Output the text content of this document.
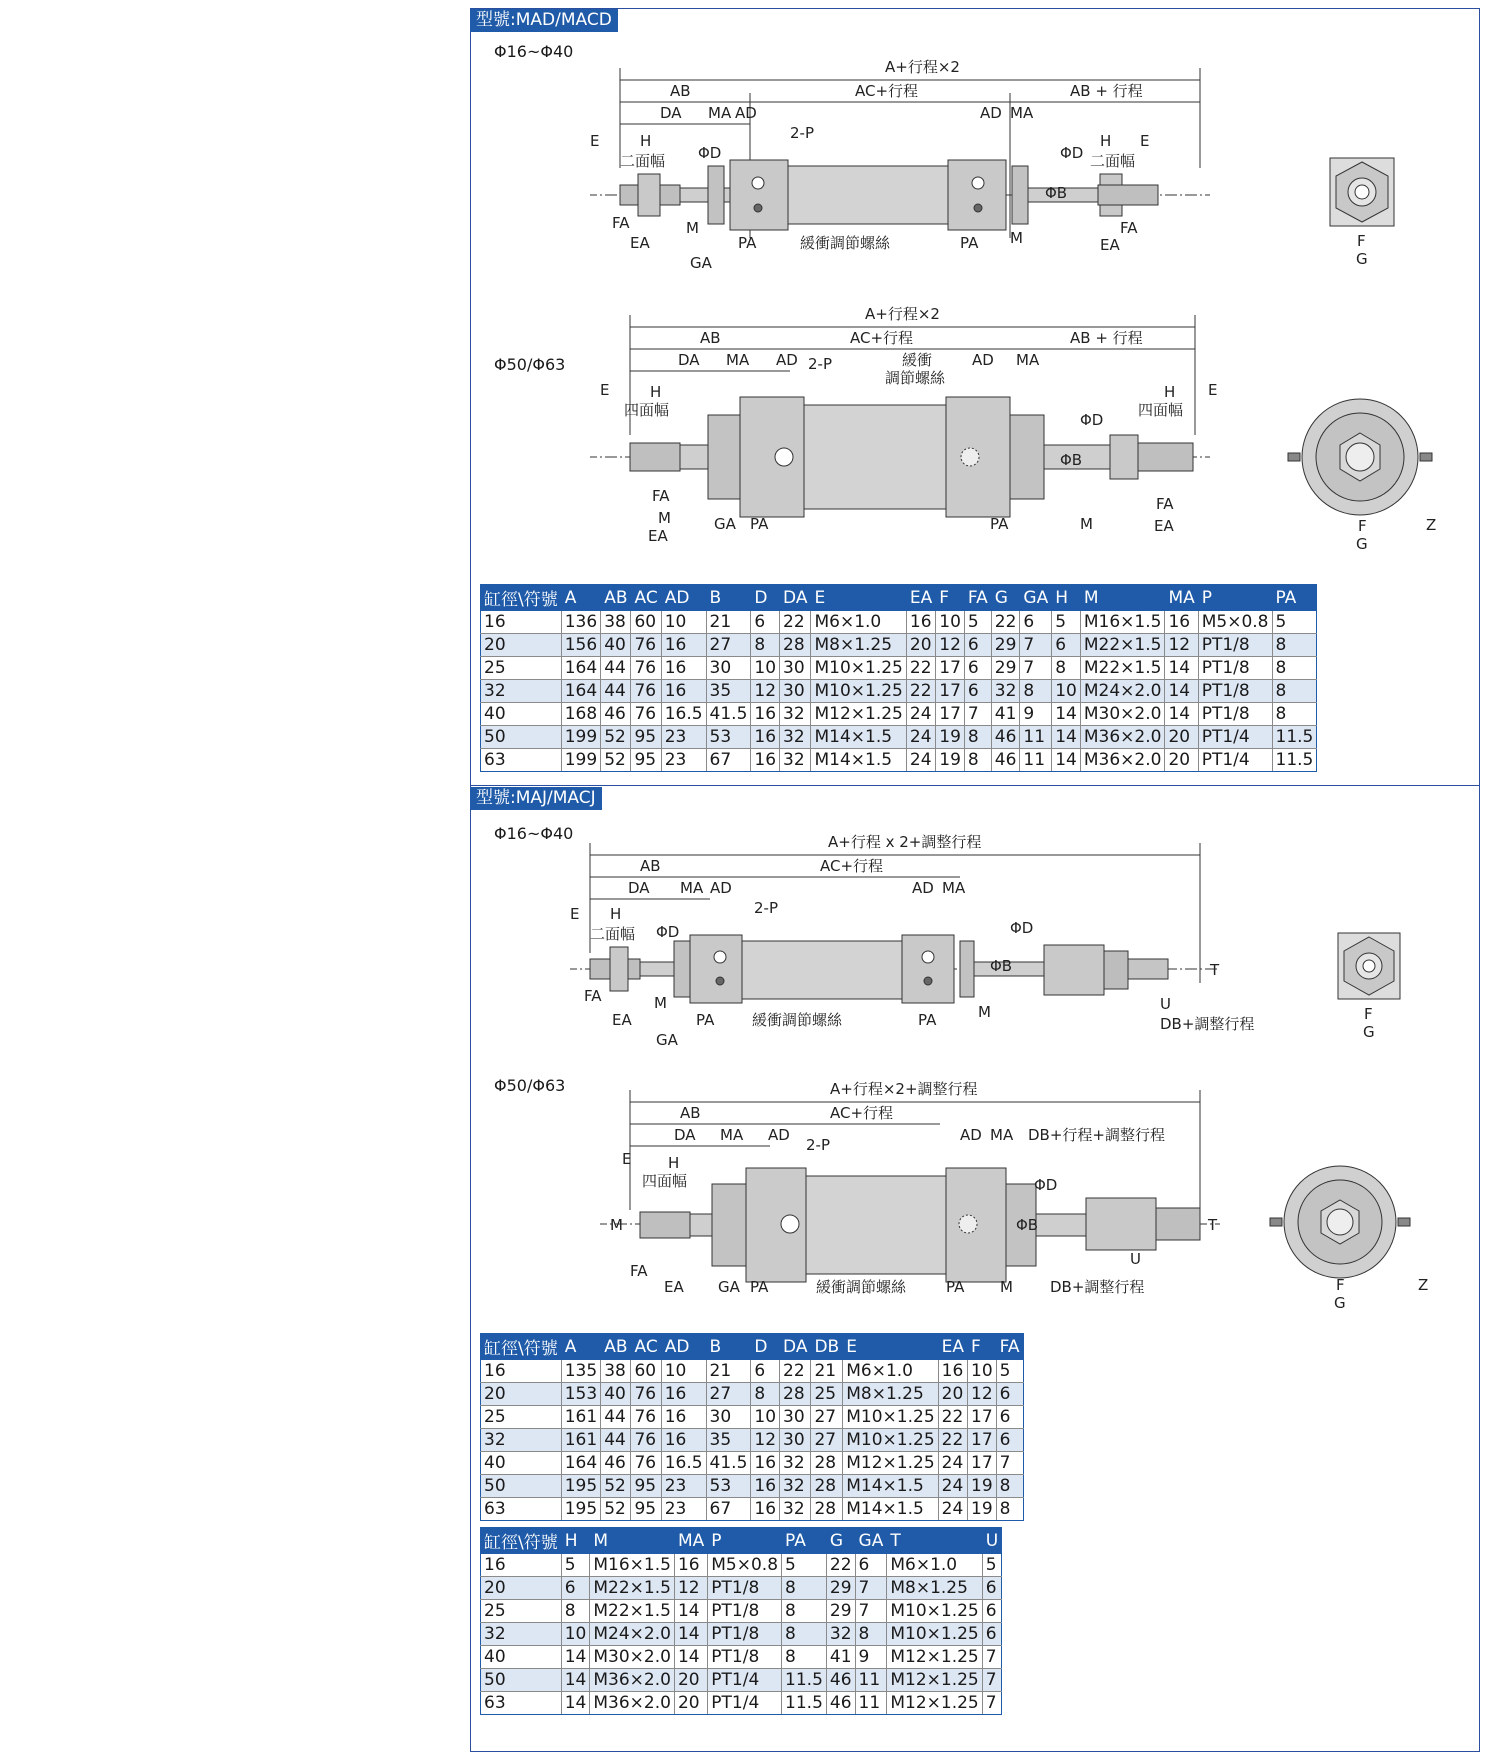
型號:MAD/MACD
Φ16~Φ40
Φ50/Φ63
A+行程×2
AB	AC+行程	AB + 行程
DA MA AD	AD MA
2-P
E	H
二面幅 ΦD	ΦD
ΦB
FA
EA
M
GA
PA	緩衝調節螺絲	PA M
FA
EA
H
二面幅
E
F
G
A+行程×2
AB	AC+行程	AB + 行程
DA MA AD 2-P	緩衝
調節螺絲
AD MA
E	H
四面幅
FA
M
EA
GA PA	PA	M
ΦB
ΦD
H
四面幅
E
FA
EA	F
G
Z
缸徑\符號	A	AB	AC	AD	B	D	DA	E	EA	F	FA	G	GA	H	M	MA	P	PA
16	136	38	60	10	21	6	22	M6×1.0	16	10	5	22	6	5	M16×1.5	16	M5×0.8	5
20	156	40	76	16	27	8	28	M8×1.25	20	12	6	29	7	6	M22×1.5	12	PT1/8	8
25	164	44	76	16	30	10	30	M10×1.25	22	17	6	29	7	8	M22×1.5	14	PT1/8	8
32	164	44	76	16	35	12	30	M10×1.25	22	17	6	32	8	10	M24×2.0	14	PT1/8	8
40	168	46	76	16.5	41.5	16	32	M12×1.25	24	17	7	41	9	14	M30×2.0	14	PT1/8	8
50	199	52	95	23	53	16	32	M14×1.5	24	19	8	46	11	14	M36×2.0	20	PT1/4	11.5
63	199	52	95	23	67	16	32	M14×1.5	24	19	8	46	11	14	M36×2.0	20	PT1/4	11.5
型號:MAJ/MACJ
Φ16~Φ40
Φ50/Φ63
A+行程 x 2+調整行程
AB	AC+行程
DA MA AD	AD MA
2-P
E H
二面幅 ΦD
ΦB
ΦD
FA	M
EA
GA
PA	緩衝調節螺絲	PA	M
T
U
DB+調整行程
F
G
A+行程×2+調整行程
AB	AC+行程
DA MA AD
2-P
AD MA DB+行程+調整行程
E H
四面幅
M
FA
EA GA PA	緩衝調節螺絲	PA M DB+調整行程
ΦB
ΦD
T
U
F
G
Z
缸徑\符號	A	AB	AC	AD	B	D	DA	DB	E	EA	F	FA
16	135	38	60	10	21	6	22	21	M6×1.0	16	10	5
20	153	40	76	16	27	8	28	25	M8×1.25	20	12	6
25	161	44	76	16	30	10	30	27	M10×1.25	22	17	6
32	161	44	76	16	35	12	30	27	M10×1.25	22	17	6
40	164	46	76	16.5	41.5	16	32	28	M12×1.25	24	17	7
50	195	52	95	23	53	16	32	28	M14×1.5	24	19	8
63	195	52	95	23	67	16	32	28	M14×1.5	24	19	8
缸徑\符號	H	M	MA	P	PA	G	GA	T	U
16	5	M16×1.5	16	M5×0.8	5	22	6	M6×1.0	5
20	6	M22×1.5	12	PT1/8	8	29	7	M8×1.25	6
25	8	M22×1.5	14	PT1/8	8	29	7	M10×1.25	6
32	10	M24×2.0	14	PT1/8	8	32	8	M10×1.25	6
40	14	M30×2.0	14	PT1/8	8	41	9	M12×1.25	7
50	14	M36×2.0	20	PT1/4	11.5	46	11	M12×1.25	7
63	14	M36×2.0	20	PT1/4	11.5	46	11	M12×1.25	7
